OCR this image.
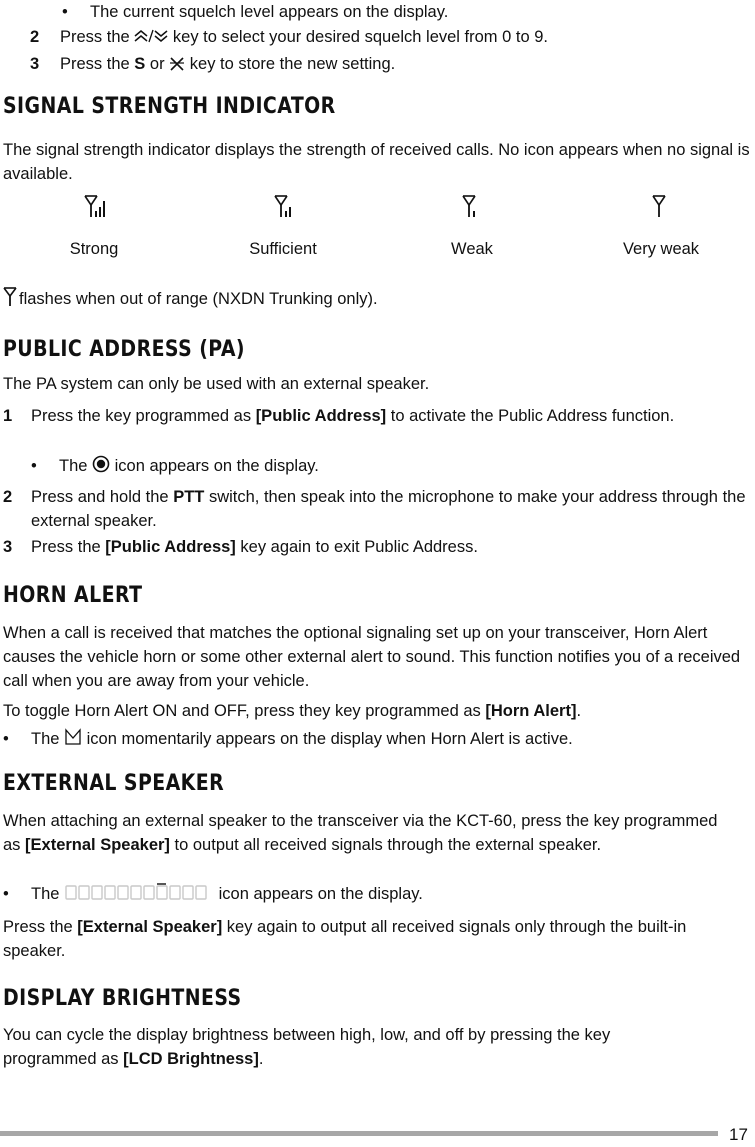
• The current squelch level appears on the display.
2 Press the	key to select your desired squelch level from 0 to 9.
3 Press the S or key to store the new setting.
SIGNAL STRENGTH INDICATOR
The signal strength indicator displays the strength of received calls. No icon appears when no signal is available.
Strong	Sufficient	Weak	Very weak
flashes when out of range (NXDN Trunking only).
PUBLIC ADDRESS (PA)
The PA system can only be used with an external speaker.
1 Press the key programmed as [Public Address] to activate the Public Address function.
• The icon appears on the display.
2 Press and hold the PTT switch, then speak into the microphone to make your address through the external speaker.
3 Press the [Public Address] key again to exit Public Address.
HORN ALERT
When a call is received that matches the optional signaling set up on your transceiver, Horn Alert causes the vehicle horn or some other external alert to sound. This function notifies you of a received call when you are away from your vehicle.
To toggle Horn Alert ON and OFF, press they key programmed as [Horn Alert].
• The icon momentarily appears on the display when Horn Alert is active.
EXTERNAL SPEAKER
When attaching an external speaker to the transceiver via the KCT-60, press the key programmed as [External Speaker] to output all received signals through the external speaker.
• The	icon appears on the display.
Press the [External Speaker] key again to output all received signals only through the built-in speaker.
DISPLAY BRIGHTNESS
You can cycle the display brightness between high, low, and off by pressing the key programmed as [LCD Brightness].
17
